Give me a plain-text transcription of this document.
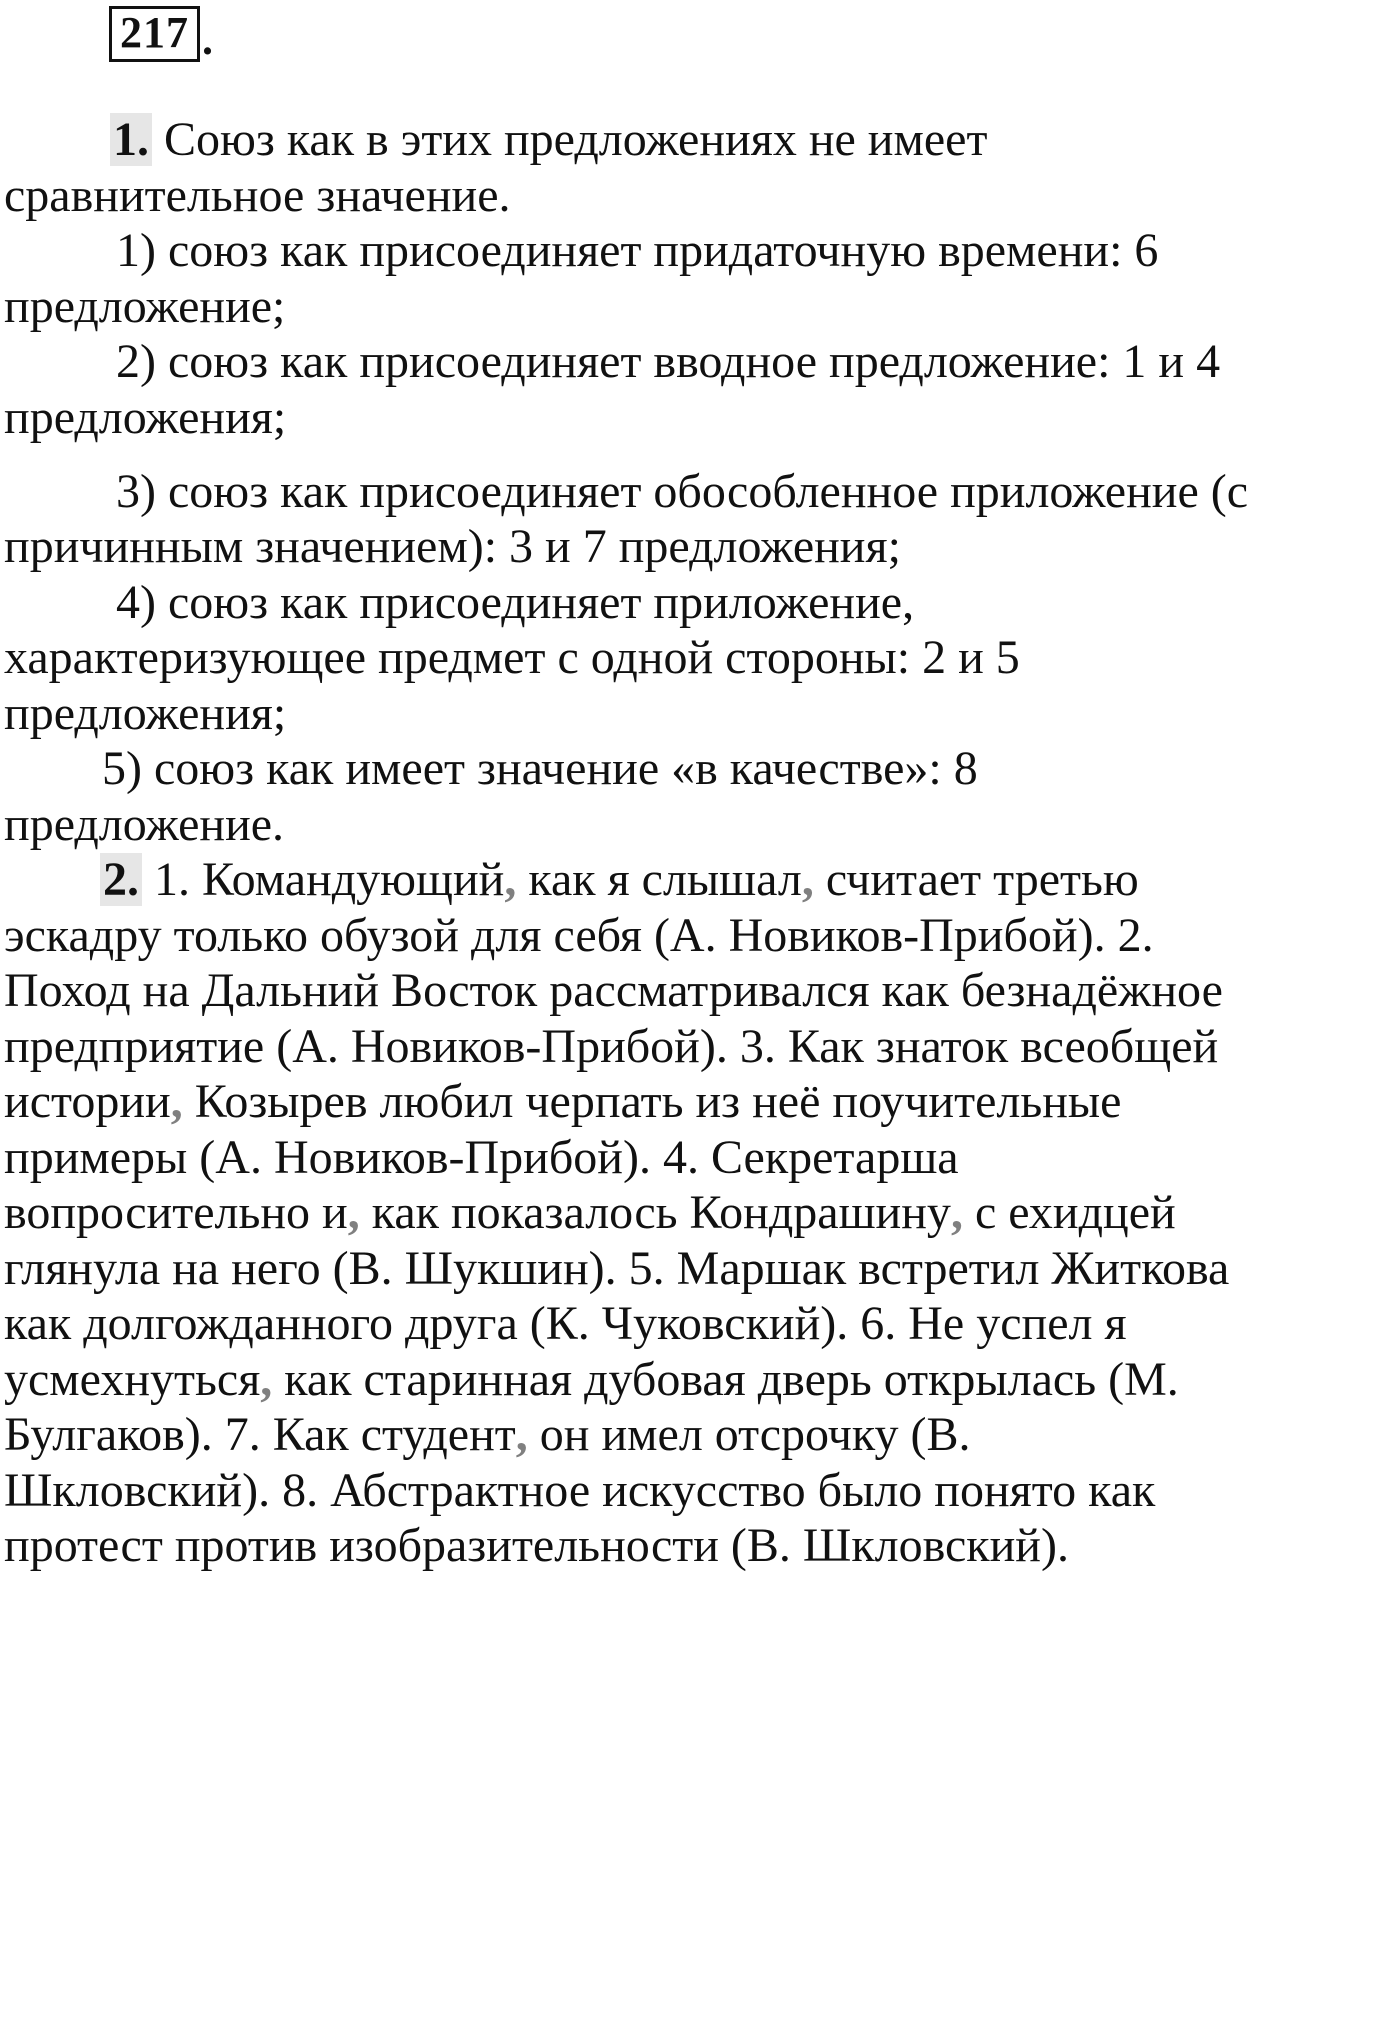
217 .
1. Союз как в этих предложениях не имеет
сравнительное значение.
1) союз как присоединяет придаточную времени: 6
предложение;
2) союз как присоединяет вводное предложение: 1 и 4
предложения;
3) союз как присоединяет обособленное приложение (с
причинным значением): 3 и 7 предложения;
4) союз как присоединяет приложение,
характеризующее предмет с одной стороны: 2 и 5
предложения;
5) союз как имеет значение «в качестве»: 8
предложение.
2. 1. Командующий, как я слышал, считает третью
эскадру только обузой для себя (А. Новиков-Прибой). 2.
Поход на Дальний Восток рассматривался как безнадёжное
предприятие (А. Новиков-Прибой). 3. Как знаток всеобщей
истории, Козырев любил черпать из неё поучительные
примеры (А. Новиков-Прибой). 4. Секретарша
вопросительно и, как показалось Кондрашину, с ехидцей
глянула на него (В. Шукшин). 5. Маршак встретил Житкова
как долгожданного друга (К. Чуковский). 6. Не успел я
усмехнуться, как старинная дубовая дверь открылась (М.
Булгаков). 7. Как студент, он имел отсрочку (В.
Шкловский). 8. Абстрактное искусство было понято как
протест против изобразительности (В. Шкловский).
